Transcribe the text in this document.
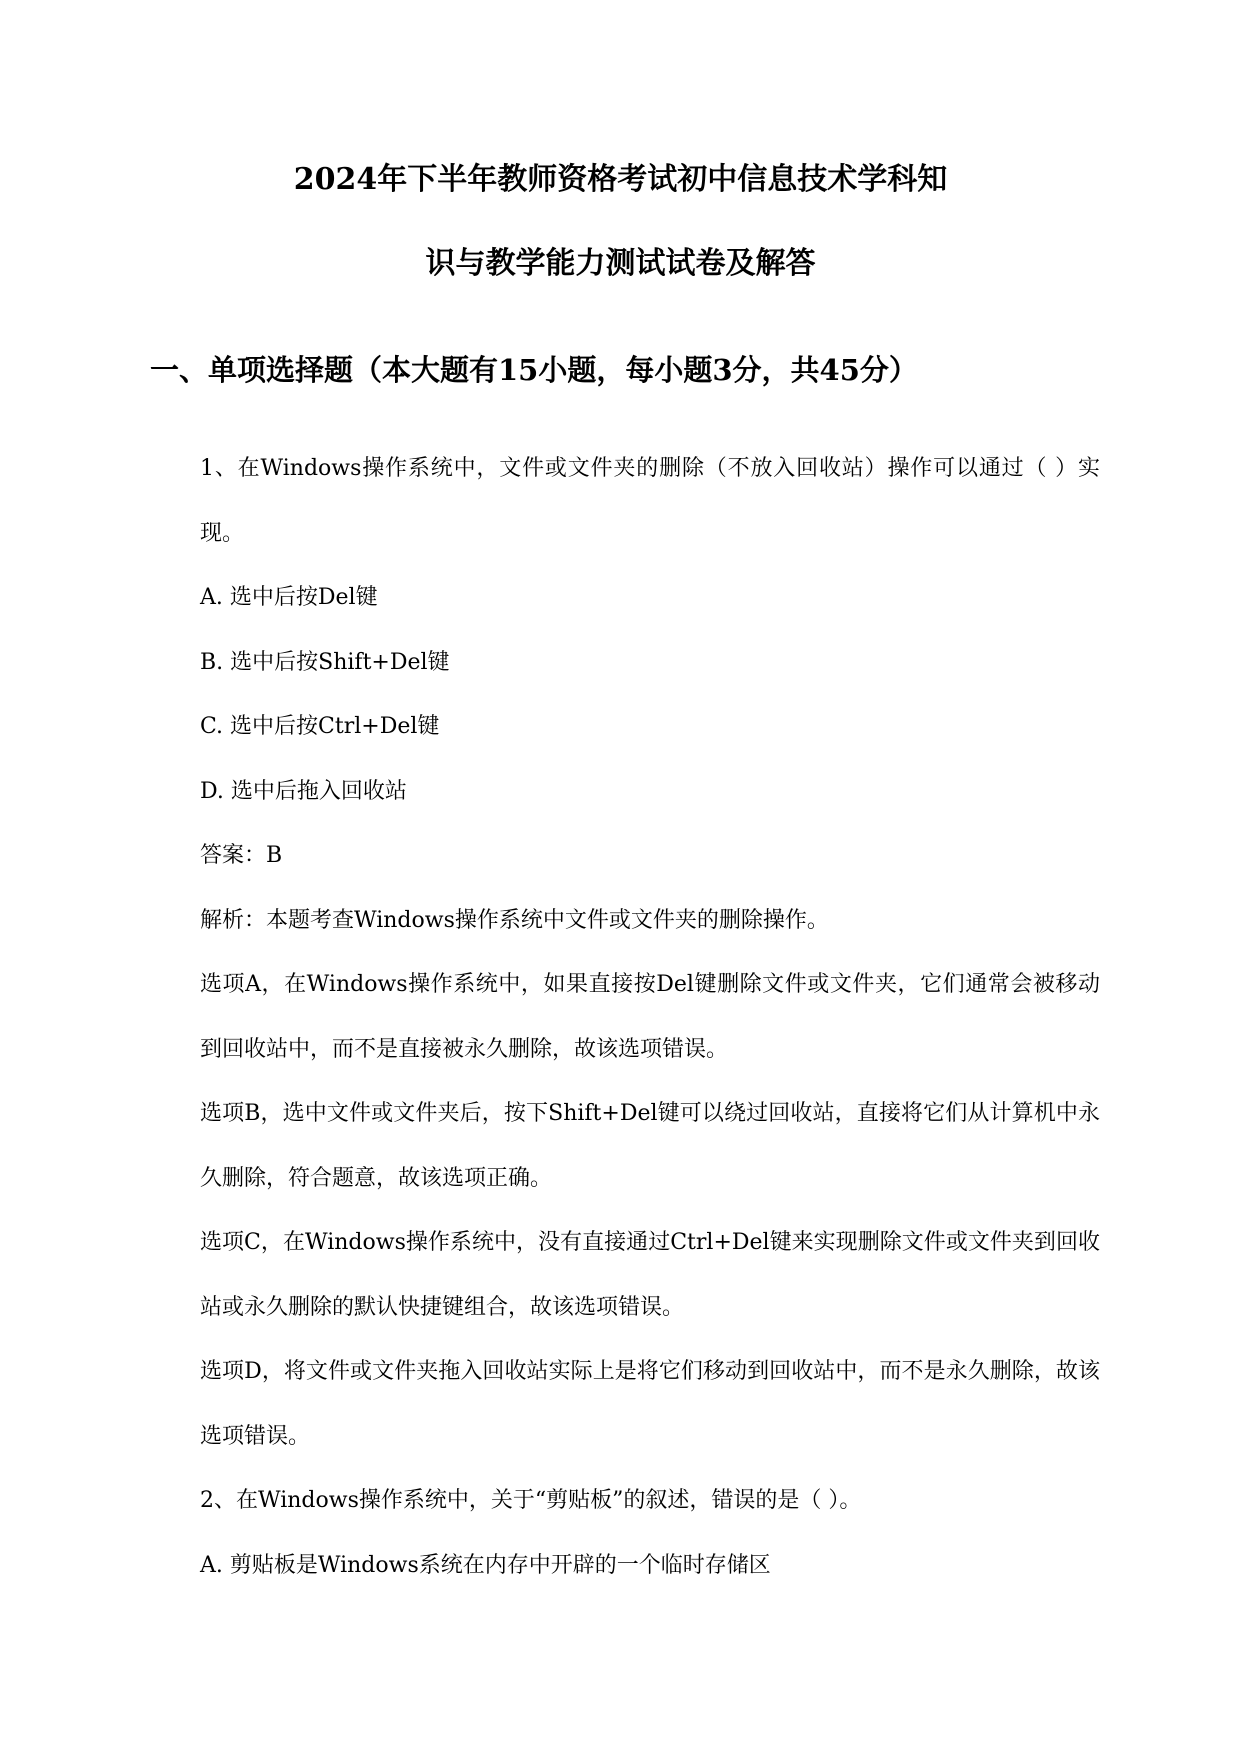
2024年下半年教师资格考试初中信息技术学科知
识与教学能力测试试卷及解答
一、单项选择题（本大题有15小题，每小题3分，共45分）

1、在Windows操作系统中，文件或文件夹的删除（不放入回收站）操作可以通过（ ）实现。

A. 选中后按Del键

B. 选中后按Shift+Del键

C. 选中后按Ctrl+Del键

D. 选中后拖入回收站

答案：B

解析：本题考查Windows操作系统中文件或文件夹的删除操作。

选项A，在Windows操作系统中，如果直接按Del键删除文件或文件夹，它们通常会被移动到回收站中，而不是直接被永久删除，故该选项错误。

选项B，选中文件或文件夹后，按下Shift+Del键可以绕过回收站，直接将它们从计算机中永久删除，符合题意，故该选项正确。

选项C，在Windows操作系统中，没有直接通过Ctrl+Del键来实现删除文件或文件夹到回收站或永久删除的默认快捷键组合，故该选项错误。

选项D，将文件或文件夹拖入回收站实际上是将它们移动到回收站中，而不是永久删除，故该选项错误。

2、在Windows操作系统中，关于“剪贴板”的叙述，错误的是（ ）。

A. 剪贴板是Windows系统在内存中开辟的一个临时存储区
